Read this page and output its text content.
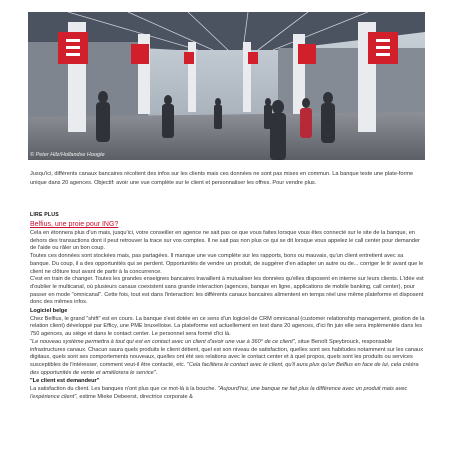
© Peter Hilz/Hollandse Hoogte
Jusqu'ici, différents canaux bancaires récoltent des infos sur les clients mais ces données ne sont pas mises en commun. La banque teste une plate-forme unique dans 20 agences. Objectif: avoir une vue complète sur le client et personnaliser les offres. Pour vendre plus.
LIRE PLUS
Belfius, une proie pour ING?

Cela en étonnera plus d'un mais, jusqu'ici, votre conseiller en agence ne sait pas ce que vous faites lorsque vous êtes connecté sur le site de la banque, en dehors des transactions dont il peut retrouver la trace sur vos comptes. Il ne sait pas non plus ce qui se dit lorsque vous appelez le call center pour demander de l'aide ou râler un bon coup.

Toutes ces données sont stockées mais, pas partagées. Il manque une vue complète sur les rapports, bons ou mauvais, qu'un client entretient avec sa banque. Du coup, il a des opportunités qui se perdent. Opportunités de vendre un produit, de suggérer d'en adapter un autre ou de... corriger le tir avant que le client ne clôture tout avant de partir à la concurrence.

C'est en train de changer. Toutes les grandes enseignes bancaires travaillent à mutualiser les données qu'elles disposent en interne sur leurs clients. L'idée est d'oublier le multicanal, où plusieurs canaux coexistent sans grande interaction (agences, banque en ligne, applications de mobile banking, call center), pour passer en mode "omnicanal". Cette fois, tout est dans l'interaction: les différents canaux bancaires alimentent en temps réel une même plateforme et disposent donc des mêmes infos.

Logiciel belge

Chez Belfius, le grand "shift" est en cours. La banque s'est dotée en ce sens d'un logiciel de CRM omnicanal (customer relationship management, gestion de la relation client) développé par Efficy, une PME bruxelloise. La plateforme est actuellement en test dans 20 agences, d'ici fin juin elle sera implémentée dans les 750 agences, au siège et dans le contact center. Le personnel sera formé d'ici là.

"Le nouveau système permettra à tout qui est en contact avec un client d'avoir une vue à 360° de ce client", situe Benoît Speybrouck, responsable infrastructures canaux. Chacun saura quels produits le client détient, quel est son niveau de satisfaction, quelles sont ses habitudes notamment sur les canaux digitaux, quels sont ses comportements nouveaux, quelles ont été ses relations avec le contact center et à quel propos, quels sont les produits ou services susceptibles de l'intéresser, comment veut-il être contacté, etc. "Cela facilitera le contact avec le client, qu'il aura plus qu'un Belfius en face de lui, cela crééra des opportunités de vente et améliorera le service".

"Le client est demandeur"

La satisfaction du client. Les banques n'ont plus que ce mot-là à la bouche. "Aujourd'hui, une banque ne fait plus la différence avec un produit mais avec l'expérience client", estime Mieke Debeerst, directrice corporate &
